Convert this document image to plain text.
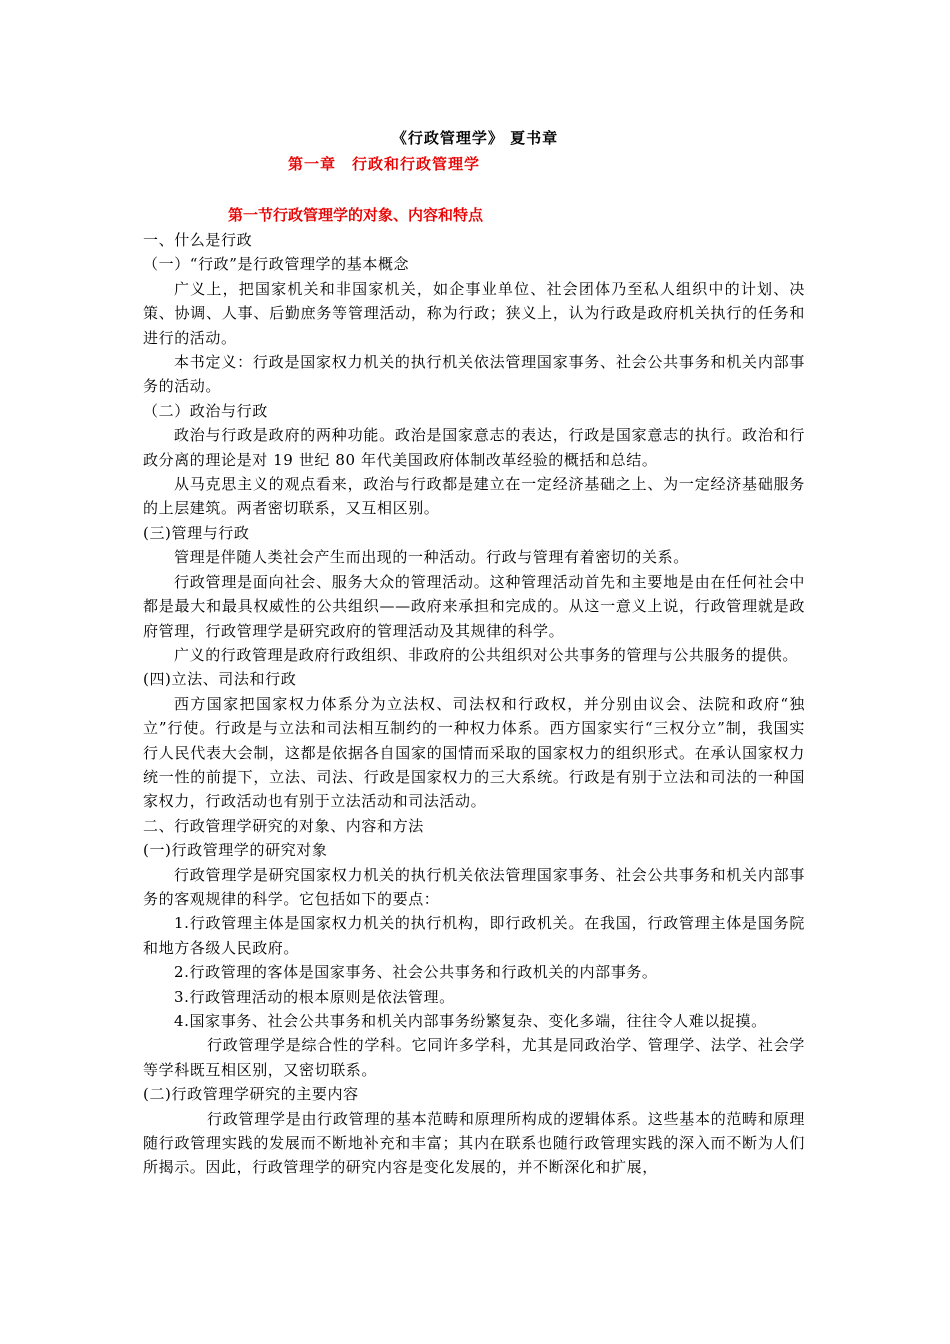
《行政管理学》 夏书章
第一章　行政和行政管理学
第一节行政管理学的对象、内容和特点

一、什么是行政

（一）“行政”是行政管理学的基本概念

广义上，把国家机关和非国家机关，如企事业单位、社会团体乃至私人组织中的计划、决策、协调、人事、后勤庶务等管理活动，称为行政；狭义上，认为行政是政府机关执行的任务和进行的活动。

本书定义：行政是国家权力机关的执行机关依法管理国家事务、社会公共事务和机关内部事务的活动。

（二）政治与行政

政治与行政是政府的两种功能。政治是国家意志的表达，行政是国家意志的执行。政治和行政分离的理论是对 19 世纪 80 年代美国政府体制改革经验的概括和总结。

从马克思主义的观点看来，政治与行政都是建立在一定经济基础之上、为一定经济基础服务的上层建筑。两者密切联系，又互相区别。

(三)管理与行政

管理是伴随人类社会产生而出现的一种活动。行政与管理有着密切的关系。

行政管理是面向社会、服务大众的管理活动。这种管理活动首先和主要地是由在任何社会中都是最大和最具权威性的公共组织——政府来承担和完成的。从这一意义上说，行政管理就是政府管理，行政管理学是研究政府的管理活动及其规律的科学。

广义的行政管理是政府行政组织、非政府的公共组织对公共事务的管理与公共服务的提供。

(四)立法、司法和行政

西方国家把国家权力体系分为立法权、司法权和行政权，并分别由议会、法院和政府“独立”行使。行政是与立法和司法相互制约的一种权力体系。西方国家实行“三权分立”制，我国实行人民代表大会制，这都是依据各自国家的国情而采取的国家权力的组织形式。在承认国家权力统一性的前提下，立法、司法、行政是国家权力的三大系统。行政是有别于立法和司法的一种国家权力，行政活动也有别于立法活动和司法活动。

二、行政管理学研究的对象、内容和方法

(一)行政管理学的研究对象

行政管理学是研究国家权力机关的执行机关依法管理国家事务、社会公共事务和机关内部事务的客观规律的科学。它包括如下的要点：

1.行政管理主体是国家权力机关的执行机构，即行政机关。在我国，行政管理主体是国务院和地方各级人民政府。

2.行政管理的客体是国家事务、社会公共事务和行政机关的内部事务。

3.行政管理活动的根本原则是依法管理。

4.国家事务、社会公共事务和机关内部事务纷繁复杂、变化多端，往往令人难以捉摸。

行政管理学是综合性的学科。它同许多学科，尤其是同政治学、管理学、法学、社会学等学科既互相区别，又密切联系。

(二)行政管理学研究的主要内容

行政管理学是由行政管理的基本范畴和原理所构成的逻辑体系。这些基本的范畴和原理随行政管理实践的发展而不断地补充和丰富；其内在联系也随行政管理实践的深入而不断为人们所揭示。因此，行政管理学的研究内容是变化发展的，并不断深化和扩展，
